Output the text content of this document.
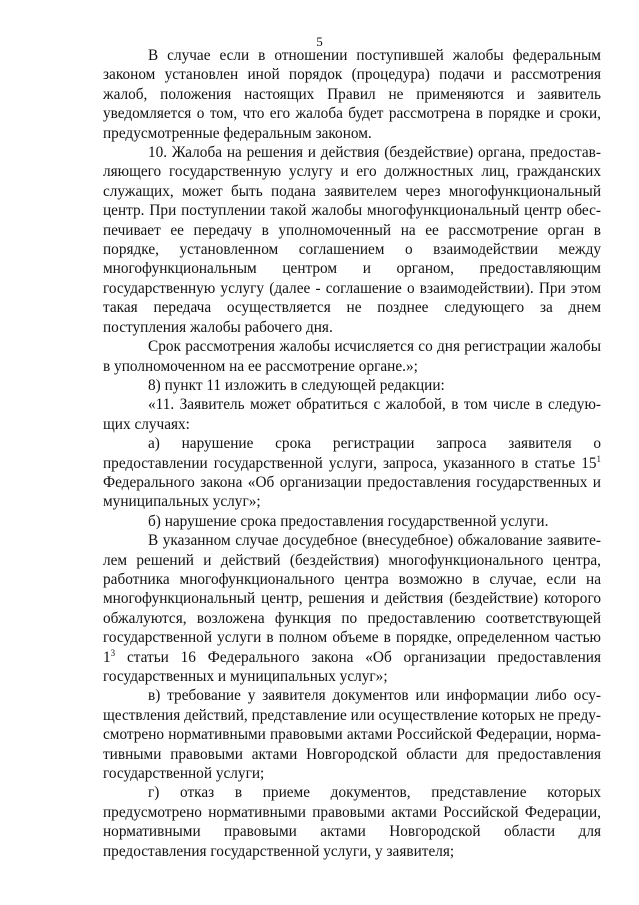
5

В случае если в отношении поступившей жалобы федеральным законом установлен иной порядок (процедура) подачи и рассмотрения жалоб, положения настоящих Правил не применяются и заявитель уведомляется о том, что его жалоба будет рассмотрена в порядке и сроки, предусмотренные федеральным законом.

10. Жалоба на решения и действия (бездействие) органа, предоставляющего государственную услугу и его должностных лиц, гражданских служащих, может быть подана заявителем через многофункциональный центр. При поступлении такой жалобы многофункциональный центр обеспечивает ее передачу в уполномоченный на ее рассмотрение орган в порядке, установленном соглашением о взаимодействии между многофункциональным центром и органом, предоставляющим государственную услугу (далее - соглашение о взаимодействии). При этом такая передача осуществляется не позднее следующего за днем поступления жалобы рабочего дня.

Срок рассмотрения жалобы исчисляется со дня регистрации жалобы в уполномоченном на ее рассмотрение органе.»;

8) пункт 11 изложить в следующей редакции:

«11. Заявитель может обратиться с жалобой, в том числе в следующих случаях:

а) нарушение срока регистрации запроса заявителя о предоставлении государственной услуги, запроса, указанного в статье $15^1$ Федерального закона «Об организации предоставления государственных и муниципальных услуг»;

б) нарушение срока предоставления государственной услуги.

В указанном случае досудебное (внесудебное) обжалование заявителем решений и действий (бездействия) многофункционального центра, работника многофункционального центра возможно в случае, если на многофункциональный центр, решения и действия (бездействие) которого обжалуются, возложена функция по предоставлению соответствующей государственной услуги в полном объеме в порядке, определенном частью $1^3$ статьи 16 Федерального закона «Об организации предоставления государственных и муниципальных услуг»;

в) требование у заявителя документов или информации либо осуществления действий, представление или осуществление которых не предусмотрено нормативными правовыми актами Российской Федерации, нормативными правовыми актами Новгородской области для предоставления государственной услуги;

г) отказ в приеме документов, представление которых предусмотрено нормативными правовыми актами Российской Федерации, нормативными правовыми актами Новгородской области для предоставления государственной услуги, у заявителя;
